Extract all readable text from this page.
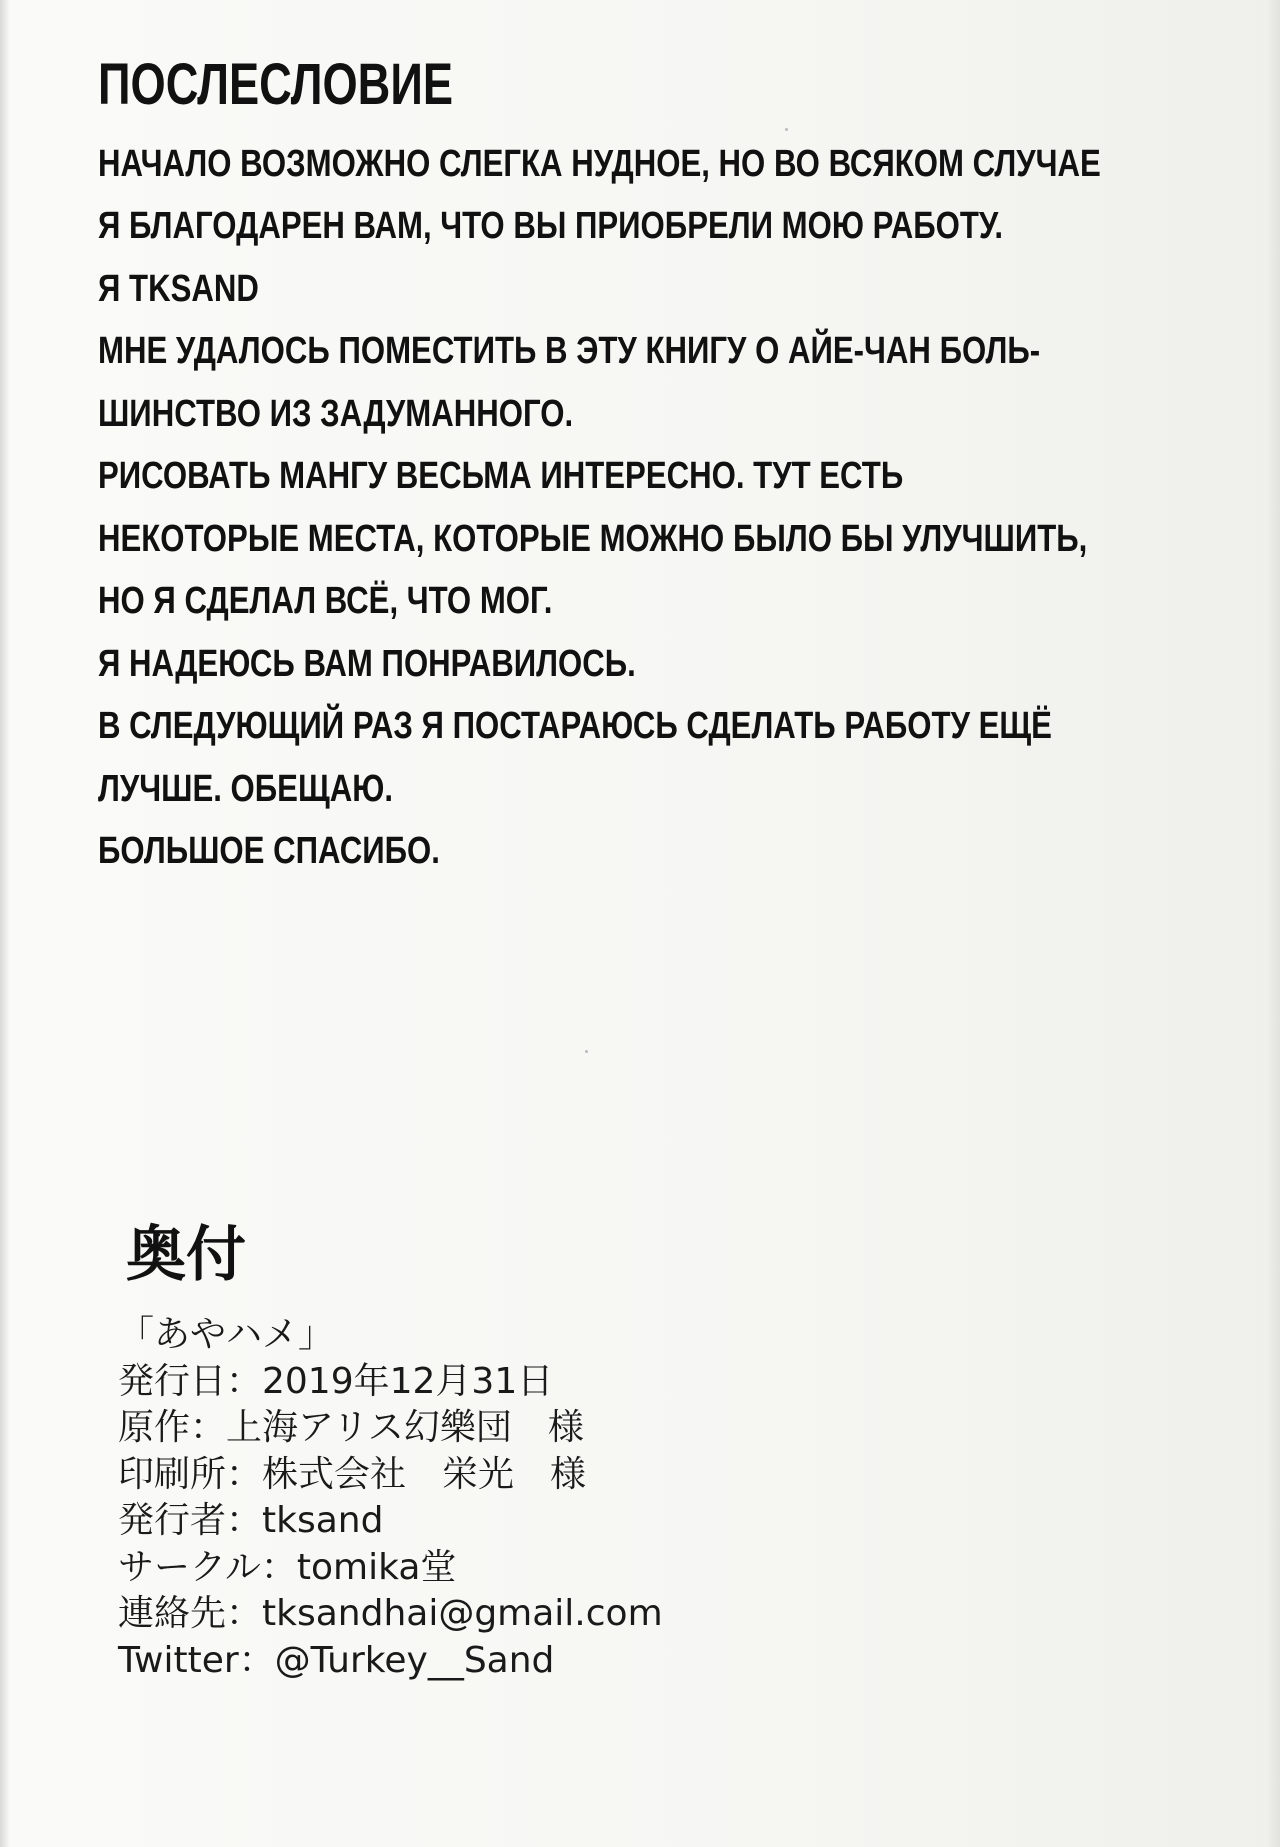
ПОСЛЕСЛОВИЕ
НАЧАЛО ВОЗМОЖНО СЛЕГКА НУДНОЕ, НО ВО ВСЯКОМ СЛУЧАЕ
Я БЛАГОДАРЕН ВАМ, ЧТО ВЫ ПРИОБРЕЛИ МОЮ РАБОТУ.
Я TKSAND
МНЕ УДАЛОСЬ ПОМЕСТИТЬ В ЭТУ КНИГУ О АЙЕ-ЧАН БОЛЬ-
ШИНСТВО ИЗ ЗАДУМАННОГО.
РИСОВАТЬ МАНГУ ВЕСЬМА ИНТЕРЕСНО. ТУТ ЕСТЬ
НЕКОТОРЫЕ МЕСТА, КОТОРЫЕ МОЖНО БЫЛО БЫ УЛУЧШИТЬ,
НО Я СДЕЛАЛ ВСЁ, ЧТО МОГ.
Я НАДЕЮСЬ ВАМ ПОНРАВИЛОСЬ.
В СЛЕДУЮЩИЙ РАЗ Я ПОСТАРАЮСЬ СДЕЛАТЬ РАБОТУ ЕЩЁ
ЛУЧШЕ. ОБЕЩАЮ.
БОЛЬШОЕ СПАСИБО.
奥付
「あやハメ」
発行日：2019年12月31日
原作：上海アリス幻樂団　様
印刷所：株式会社　栄光　様
発行者：tksand
サークル：tomika堂
連絡先：tksandhai@gmail.com
Twitter：@Turkey__Sand
